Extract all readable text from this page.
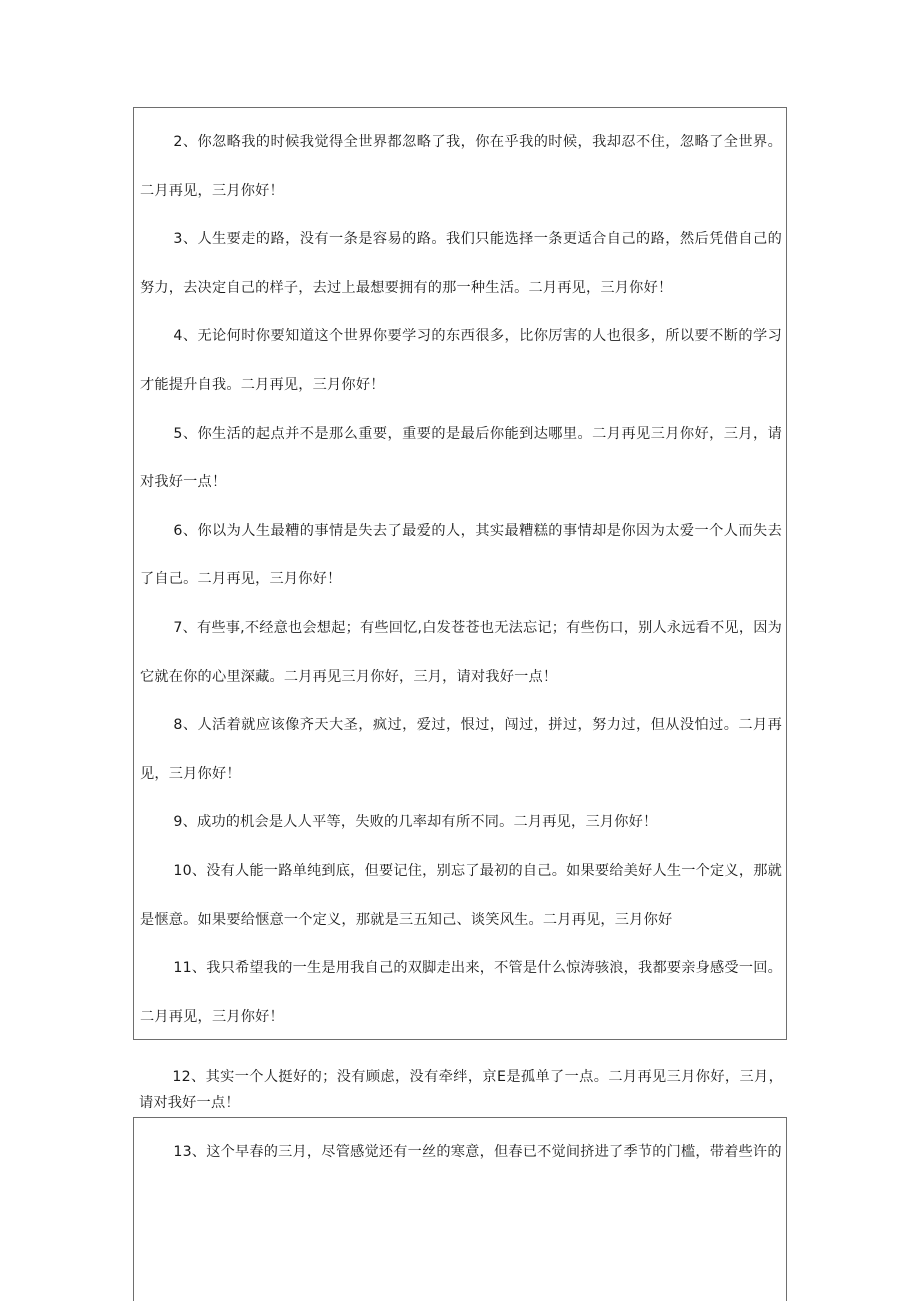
2、你忽略我的时候我觉得全世界都忽略了我，你在乎我的时候，我却忍不住，忽略了全世界。二月再见，三月你好！

3、人生要走的路，没有一条是容易的路。我们只能选择一条更适合自己的路，然后凭借自己的努力，去决定自己的样子，去过上最想要拥有的那一种生活。二月再见，三月你好！

4、无论何时你要知道这个世界你要学习的东西很多，比你厉害的人也很多，所以要不断的学习才能提升自我。二月再见，三月你好！

5、你生活的起点并不是那么重要，重要的是最后你能到达哪里。二月再见三月你好，三月，请对我好一点！

6、你以为人生最糟的事情是失去了最爱的人，其实最糟糕的事情却是你因为太爱一个人而失去了自己。二月再见，三月你好！

7、有些事,不经意也会想起；有些回忆,白发苍苍也无法忘记；有些伤口，别人永远看不见，因为它就在你的心里深藏。二月再见三月你好，三月，请对我好一点！

8、人活着就应该像齐天大圣，疯过，爱过，恨过，闯过，拼过，努力过，但从没怕过。二月再见，三月你好！

9、成功的机会是人人平等，失败的几率却有所不同。二月再见，三月你好！

10、没有人能一路单纯到底，但要记住，别忘了最初的自己。如果要给美好人生一个定义，那就是惬意。如果要给惬意一个定义，那就是三五知己、谈笑风生。二月再见，三月你好

11、我只希望我的一生是用我自己的双脚走出来，不管是什么惊涛骇浪，我都要亲身感受一回。二月再见，三月你好！

12、其实一个人挺好的；没有顾虑，没有牵绊，京E是孤单了一点。二月再见三月你好，三月，请对我好一点！

13、这个早春的三月，尽管感觉还有一丝的寒意，但春已不觉间挤进了季节的门槛，带着些许的
